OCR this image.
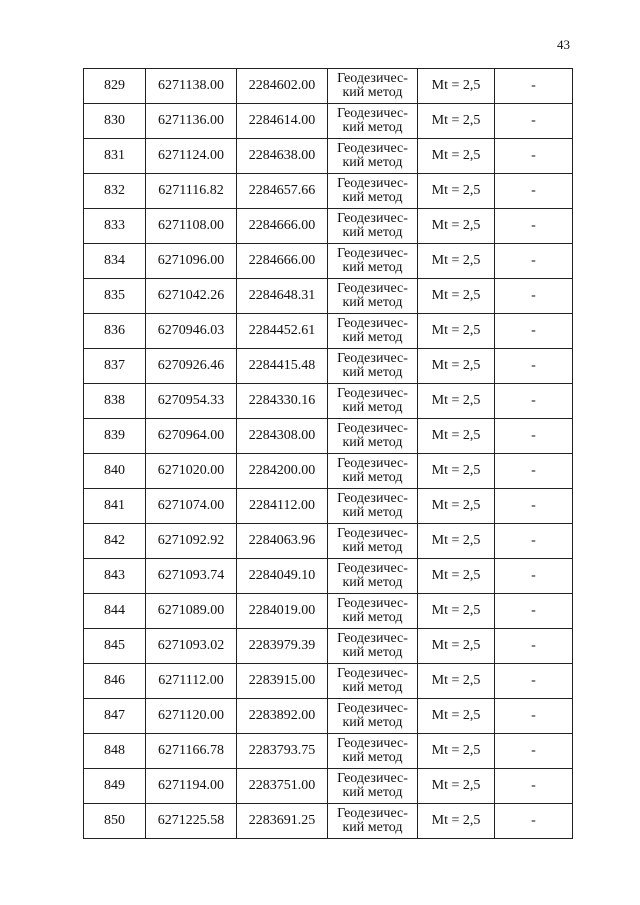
43
829	6271138.00	2284602.00	Геодезичес-
кий метод	Mt = 2,5	-
830	6271136.00	2284614.00	Геодезичес-
кий метод	Mt = 2,5	-
831	6271124.00	2284638.00	Геодезичес-
кий метод	Mt = 2,5	-
832	6271116.82	2284657.66	Геодезичес-
кий метод	Mt = 2,5	-
833	6271108.00	2284666.00	Геодезичес-
кий метод	Mt = 2,5	-
834	6271096.00	2284666.00	Геодезичес-
кий метод	Mt = 2,5	-
835	6271042.26	2284648.31	Геодезичес-
кий метод	Mt = 2,5	-
836	6270946.03	2284452.61	Геодезичес-
кий метод	Mt = 2,5	-
837	6270926.46	2284415.48	Геодезичес-
кий метод	Mt = 2,5	-
838	6270954.33	2284330.16	Геодезичес-
кий метод	Mt = 2,5	-
839	6270964.00	2284308.00	Геодезичес-
кий метод	Mt = 2,5	-
840	6271020.00	2284200.00	Геодезичес-
кий метод	Mt = 2,5	-
841	6271074.00	2284112.00	Геодезичес-
кий метод	Mt = 2,5	-
842	6271092.92	2284063.96	Геодезичес-
кий метод	Mt = 2,5	-
843	6271093.74	2284049.10	Геодезичес-
кий метод	Mt = 2,5	-
844	6271089.00	2284019.00	Геодезичес-
кий метод	Mt = 2,5	-
845	6271093.02	2283979.39	Геодезичес-
кий метод	Mt = 2,5	-
846	6271112.00	2283915.00	Геодезичес-
кий метод	Mt = 2,5	-
847	6271120.00	2283892.00	Геодезичес-
кий метод	Mt = 2,5	-
848	6271166.78	2283793.75	Геодезичес-
кий метод	Mt = 2,5	-
849	6271194.00	2283751.00	Геодезичес-
кий метод	Mt = 2,5	-
850	6271225.58	2283691.25	Геодезичес-
кий метод	Mt = 2,5	-
